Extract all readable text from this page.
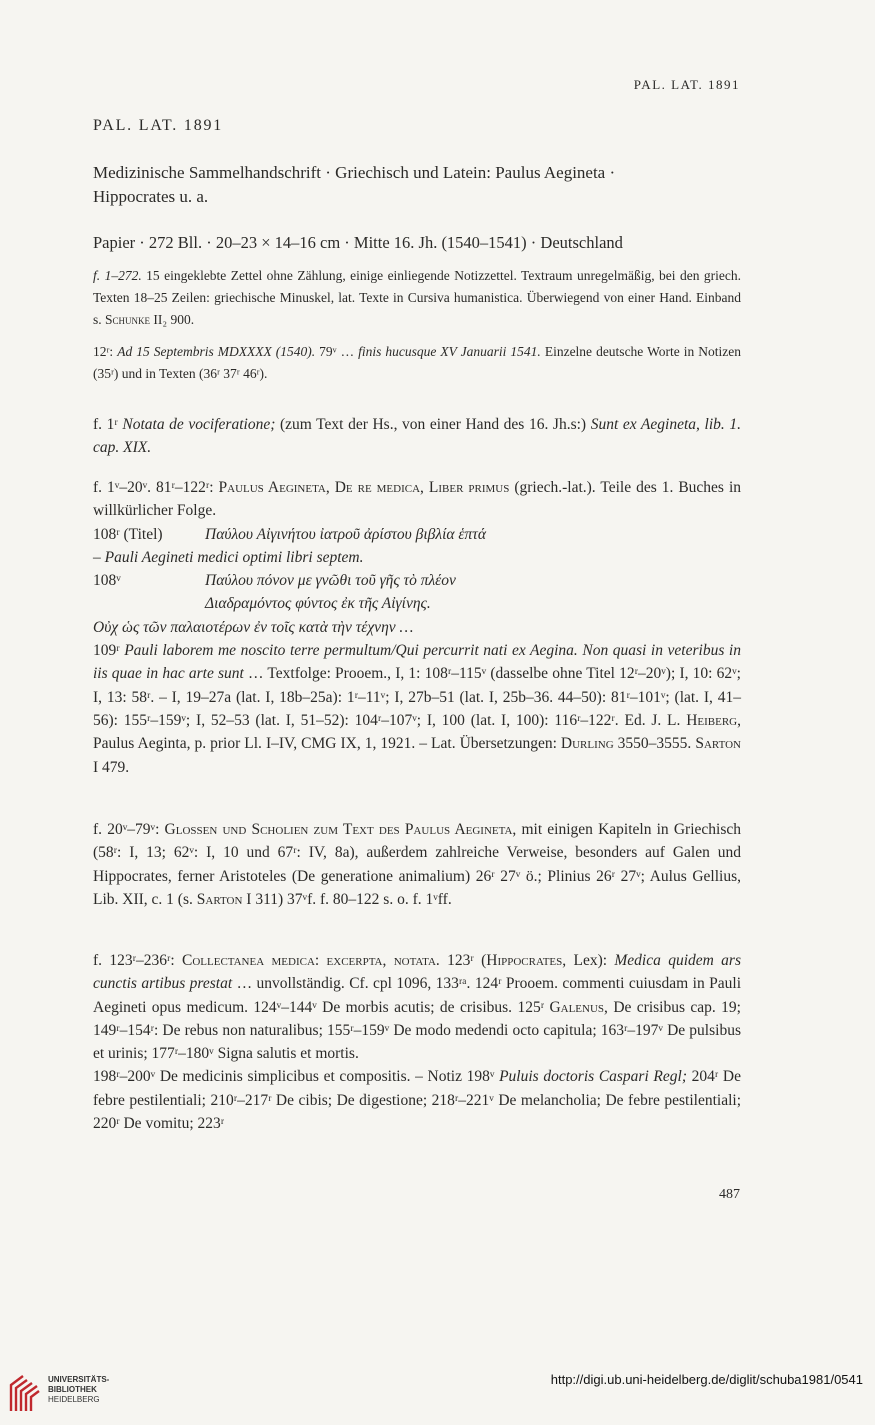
PAL. LAT. 1891
PAL. LAT. 1891
Medizinische Sammelhandschrift · Griechisch und Latein: Paulus Aegineta ·
Hippocrates u. a.
Papier · 272 Bll. · 20–23 × 14–16 cm · Mitte 16. Jh. (1540–1541) · Deutschland

f. 1–272. 15 eingeklebte Zettel ohne Zählung, einige einliegende Notizzettel. Textraum unregelmäßig, bei den griech. Texten 18–25 Zeilen: griechische Minuskel, lat. Texte in Cursiva humanistica. Überwiegend von einer Hand. Einband s. Schunke II₂ 900.

12ʳ: Ad 15 Septembris MDXXXX (1540). 79ᵛ … finis hucusque XV Januarii 1541. Einzelne deutsche Worte in Notizen (35ʳ) und in Texten (36ʳ 37ʳ 46ʳ).

f. 1ʳ Notata de vociferatione; (zum Text der Hs., von einer Hand des 16. Jh.s:) Sunt ex Aegineta, lib. 1. cap. XIX.

f. 1ᵛ–20ᵛ. 81ʳ–122ʳ: Paulus Aegineta, De re medica, Liber primus (griech.-lat.). Teile des 1. Buches in willkürlicher Folge.

108ʳ (Titel)	Παύλου Αἰγινήτου ἰατροῦ ἀρίστου βιβλία ἑπτά

– Pauli Aegineti medici optimi libri septem.

108ᵛ	Παύλου πόνον με γνῶθι τοῦ γῆς τὸ πλέον
Διαδραμόντος φύντος ἐκ τῆς Αἰγίνης.

Οὐχ ὡς τῶν παλαιοτέρων ἐν τοῖς κατὰ τὴν τέχνην …

109ʳ Pauli laborem me noscito terre permultum/Qui percurrit nati ex Aegina. Non quasi in veteribus in iis quae in hac arte sunt … Textfolge: Prooem., I, 1: 108ʳ–115ᵛ (dasselbe ohne Titel 12ʳ–20ᵛ); I, 10: 62ᵛ; I, 13: 58ʳ. – I, 19–27a (lat. I, 18b–25a): 1ʳ–11ᵛ; I, 27b–51 (lat. I, 25b–36. 44–50): 81ʳ–101ᵛ; (lat. I, 41–56): 155ʳ–159ᵛ; I, 52–53 (lat. I, 51–52): 104ʳ–107ᵛ; I, 100 (lat. I, 100): 116ʳ–122ʳ. Ed. J. L. Heiberg, Paulus Aeginta, p. prior Ll. I–IV, CMG IX, 1, 1921. – Lat. Übersetzungen: Durling 3550–3555. Sarton I 479.

f. 20ᵛ–79ᵛ: Glossen und Scholien zum Text des Paulus Aegineta, mit einigen Kapiteln in Griechisch (58ʳ: I, 13; 62ᵛ: I, 10 und 67ʳ: IV, 8a), außerdem zahlreiche Verweise, besonders auf Galen und Hippocrates, ferner Aristoteles (De generatione animalium) 26ʳ 27ᵛ ö.; Plinius 26ʳ 27ᵛ; Aulus Gellius, Lib. XII, c. 1 (s. Sarton I 311) 37ᵛf. f. 80–122 s. o. f. 1ᵛff.

f. 123ʳ–236ʳ: Collectanea medica: excerpta, notata. 123ʳ (Hippocrates, Lex): Medica quidem ars cunctis artibus prestat … unvollständig. Cf. cpl 1096, 133ʳᵃ. 124ʳ Prooem. commenti cuiusdam in Pauli Aegineti opus medicum. 124ᵛ–144ᵛ De morbis acutis; de crisibus. 125ʳ Galenus, De crisibus cap. 19; 149ʳ–154ʳ: De rebus non naturalibus; 155ʳ–159ᵛ De modo medendi octo capitula; 163ʳ–197ᵛ De pulsibus et urinis; 177ʳ–180ᵛ Signa salutis et mortis.

198ʳ–200ᵛ De medicinis simplicibus et compositis. – Notiz 198ᵛ Puluis doctoris Caspari Regl; 204ʳ De febre pestilentiali; 210ʳ–217ʳ De cibis; De digestione; 218ʳ–221ᵛ De melancholia; De febre pestilentiali; 220ʳ De vomitu; 223ʳ

487
UNIVERSITÄTS-
BIBLIOTHEK
HEIDELBERG
http://digi.ub.uni-heidelberg.de/diglit/schuba1981/0541
